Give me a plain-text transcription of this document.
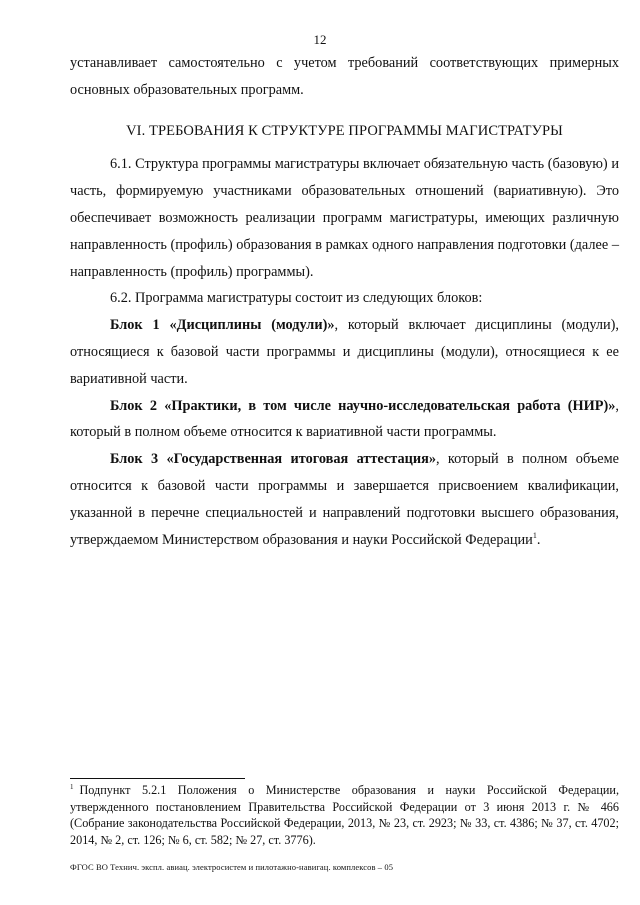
12

устанавливает самостоятельно с учетом требований соответствующих примерных основных образовательных программ.

VI. ТРЕБОВАНИЯ К СТРУКТУРЕ ПРОГРАММЫ МАГИСТРАТУРЫ

6.1. Структура программы магистратуры включает обязательную часть (базовую) и часть, формируемую участниками образовательных отношений (вариативную). Это обеспечивает возможность реализации программ магистратуры, имеющих различную направленность (профиль) образования в рамках одного направления подготовки (далее – направленность (профиль) программы).

6.2. Программа магистратуры состоит из следующих блоков:

Блок 1 «Дисциплины (модули)», который включает дисциплины (модули), относящиеся к базовой части программы и дисциплины (модули), относящиеся к ее вариативной части.

Блок 2 «Практики, в том числе научно-исследовательская работа (НИР)», который в полном объеме относится к вариативной части программы.

Блок 3 «Государственная итоговая аттестация», который в полном объеме относится к базовой части программы и завершается присвоением квалификации, указанной в перечне специальностей и направлений подготовки высшего образования, утверждаемом Министерством образования и науки Российской Федерации$^1$.

$^1$ Подпункт 5.2.1 Положения о Министерстве образования и науки Российской Федерации, утвержденного постановлением Правительства Российской Федерации от 3 июня 2013 г. № 466 (Собрание законодательства Российской Федерации, 2013, № 23, ст. 2923; № 33, ст. 4386; № 37, ст. 4702; 2014, № 2, ст. 126; № 6, ст. 582; № 27, ст. 3776).
ФГОС ВО Технич. экспл. авиац. электросистем и пилотажно-навигац. комплексов – 05
